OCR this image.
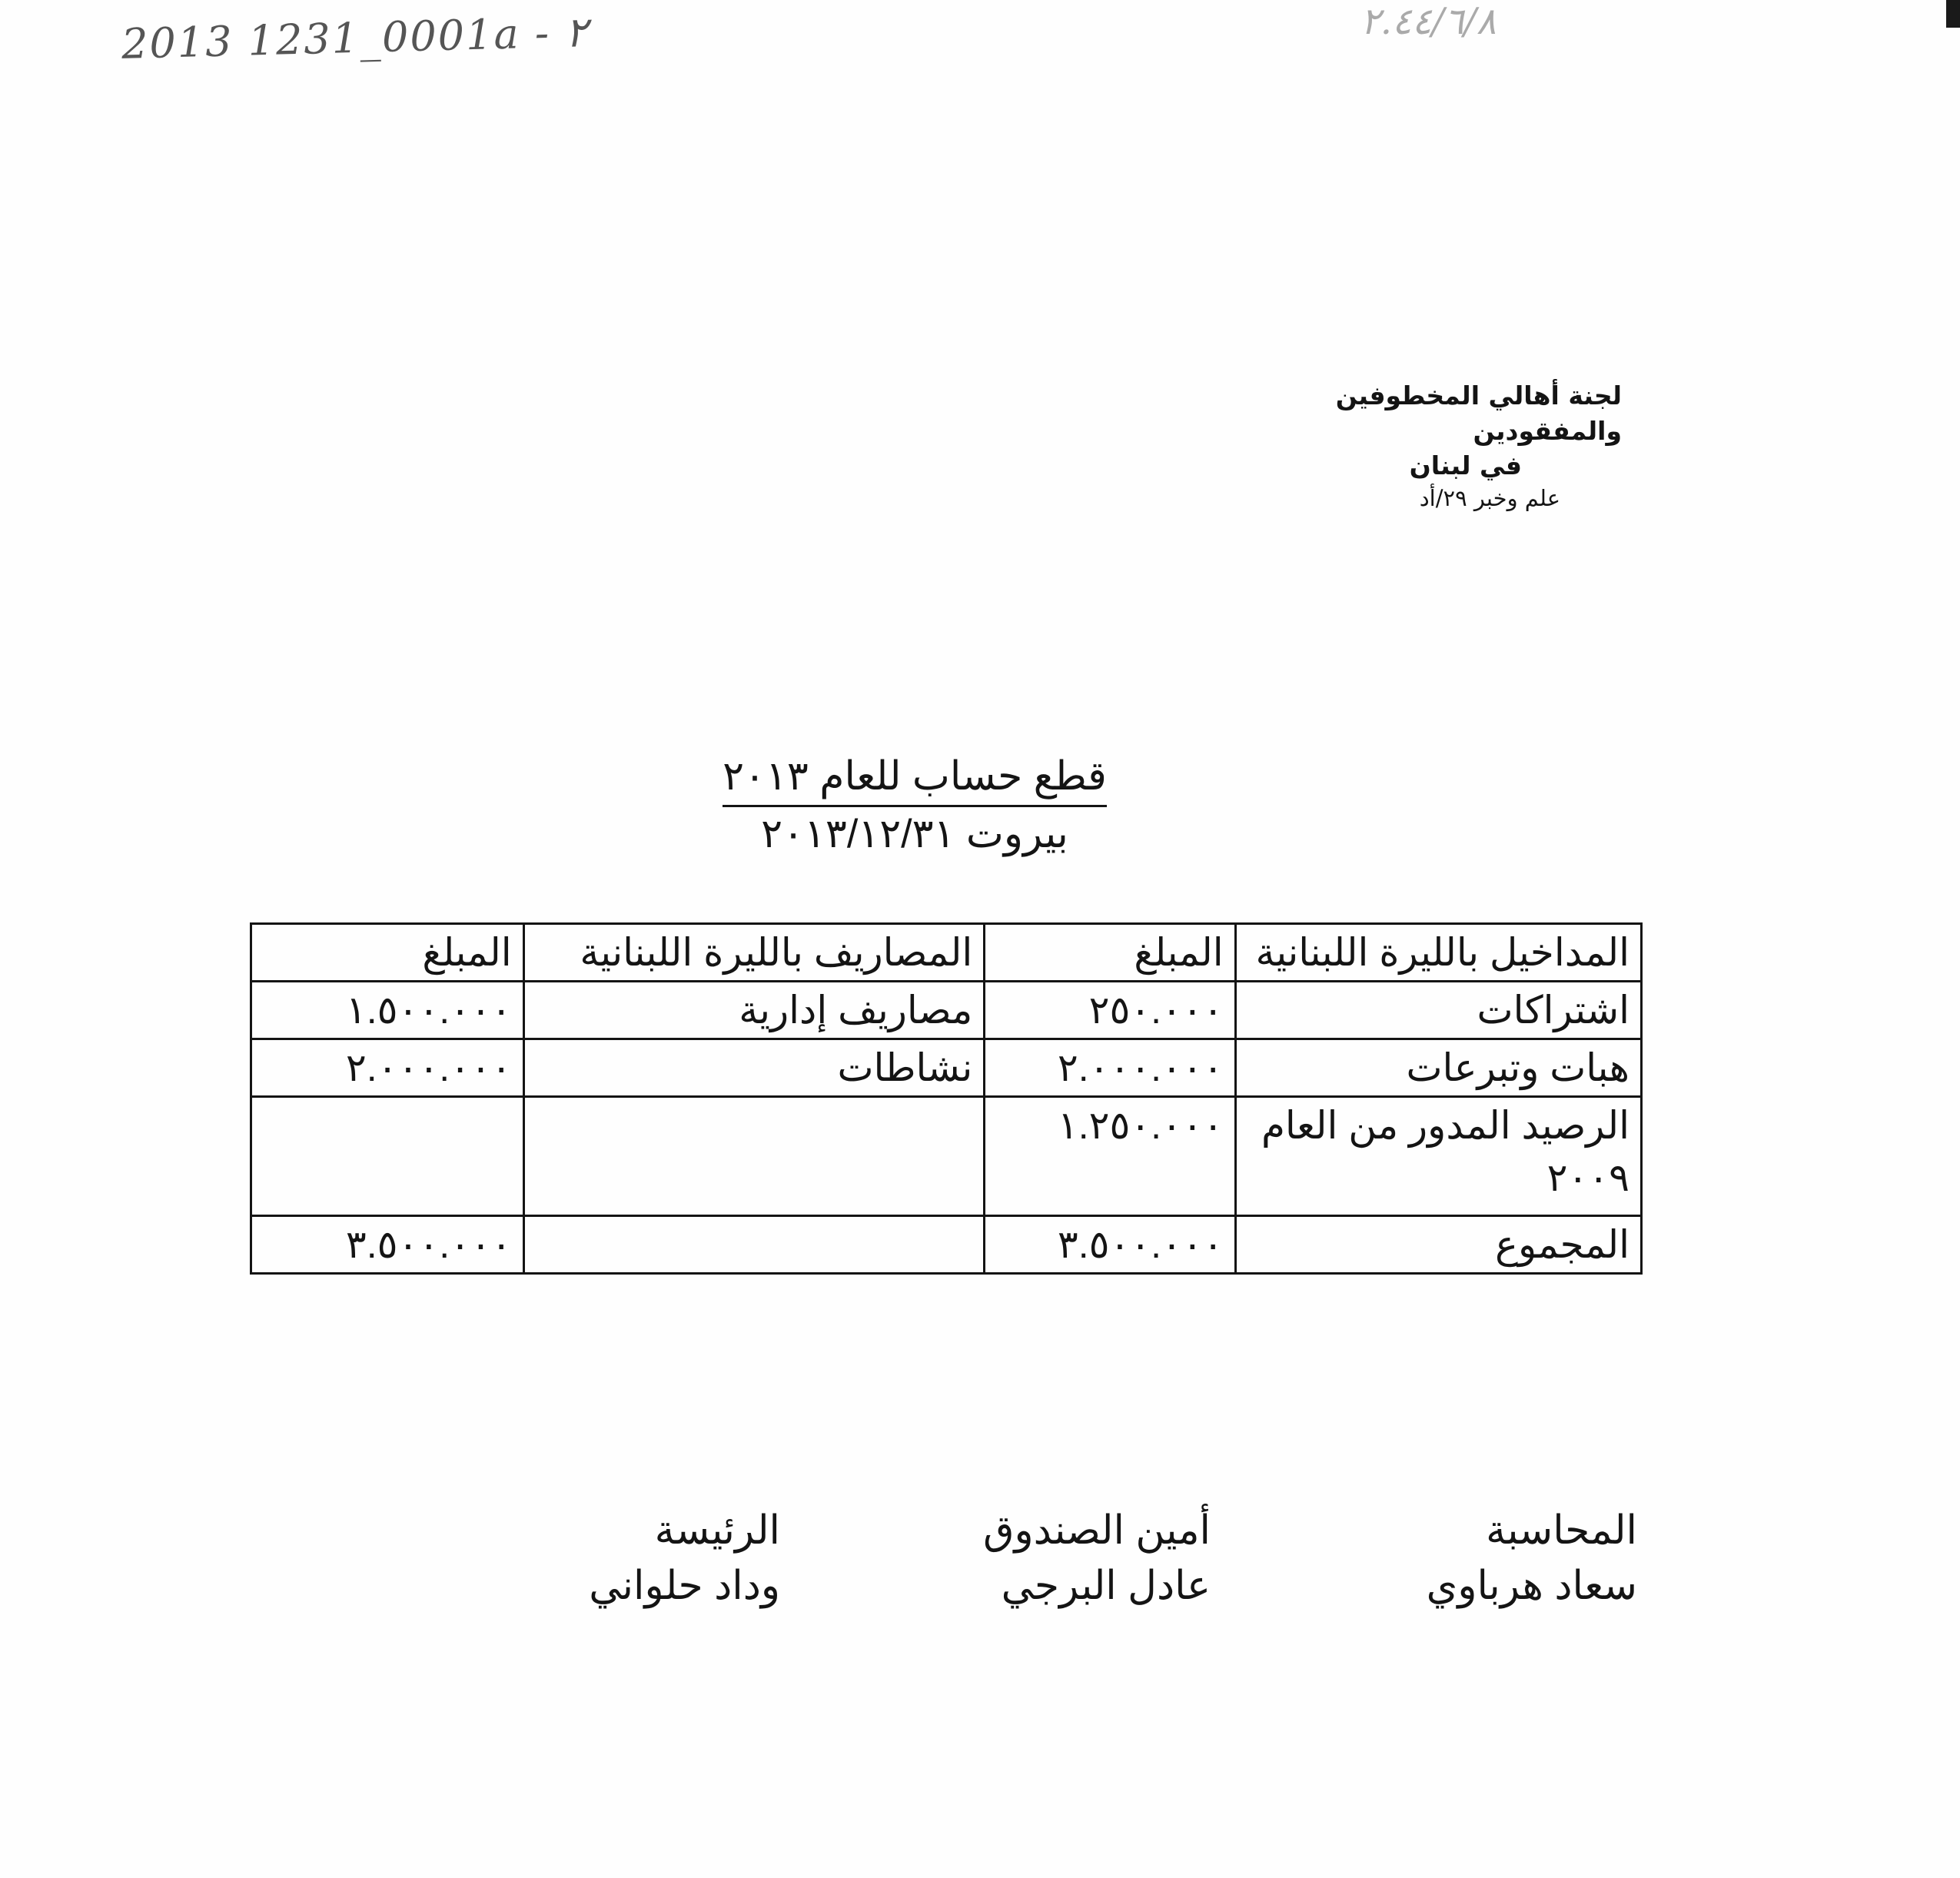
2013 1231_0001a - ٢	٢.٤٤/٦/٨
لجنة أهالي المخطوفين والمفقودين
في لبنان
علم وخبر ٢٩/أد
قطع حساب للعام ٢٠١٣
بيروت ٢٠١٣/١٢/٣١
المداخيل بالليرة اللبنانية	المبلغ	المصاريف بالليرة اللبنانية	المبلغ
اشتراكات	٢٥٠.٠٠٠	مصاريف إدارية	١.٥٠٠.٠٠٠
هبات وتبرعات	٢.٠٠٠.٠٠٠	نشاطات	٢.٠٠٠.٠٠٠
الرصيد المدور من العام ٢٠٠٩	١.٢٥٠.٠٠٠		
المجموع	٣.٥٠٠.٠٠٠		٣.٥٠٠.٠٠٠
المحاسبة
سعاد هرباوي
أمين الصندوق
عادل البرجي
الرئيسة
وداد حلواني
